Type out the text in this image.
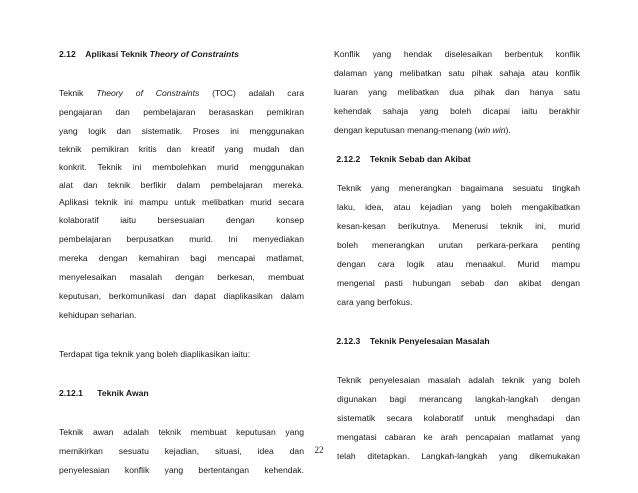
2.12 Aplikasi Teknik Theory of Constraints
Teknik Theory of Constraints (TOC) adalah cara
pengajaran dan pembelajaran berasaskan pemikiran
yang logik dan sistematik. Proses ini menggunakan
teknik pemikiran kritis dan kreatif yang mudah dan
konkrit. Teknik ini membolehkan murid menggunakan
alat dan teknik berfikir dalam pembelajaran mereka.
Aplikasi teknik ini mampu untuk melibatkan murid secara
kolaboratif iaitu bersesuaian dengan konsep
pembelajaran berpusatkan murid. Ini menyediakan
mereka dengan kemahiran bagi mencapai matlamat,
menyelesaikan masalah dengan berkesan, membuat
keputusan, berkomunikasi dan dapat diaplikasikan dalam
kehidupan seharian.
Terdapat tiga teknik yang boleh diaplikasikan iaitu:
2.12.1 Teknik Awan
Teknik awan adalah teknik membuat keputusan yang
memikirkan sesuatu kejadian, situasi, idea dan
penyelesaian konflik yang bertentangan kehendak.
Konflik yang hendak diselesaikan berbentuk konflik
dalaman yang melibatkan satu pihak sahaja atau konflik
luaran yang melibatkan dua pihak dan hanya satu
kehendak sahaja yang boleh dicapai iaitu berakhir
dengan keputusan menang-menang (win win).
2.12.2 Teknik Sebab dan Akibat
Teknik yang menerangkan bagaimana sesuatu tingkah
laku, idea, atau kejadian yang boleh mengakibatkan
kesan-kesan berikutnya. Menerusi teknik ini, murid
boleh menerangkan urutan perkara-perkara penting
dengan cara logik atau menaakul. Murid mampu
mengenal pasti hubungan sebab dan akibat dengan
cara yang berfokus.
2.12.3 Teknik Penyelesaian Masalah
Teknik penyelesaian masalah adalah teknik yang boleh
digunakan bagi merancang langkah-langkah dengan
sistematik secara kolaboratif untuk menghadapi dan
mengatasi cabaran ke arah pencapaian matlamat yang
telah ditetapkan. Langkah-langkah yang dikemukakan
22
